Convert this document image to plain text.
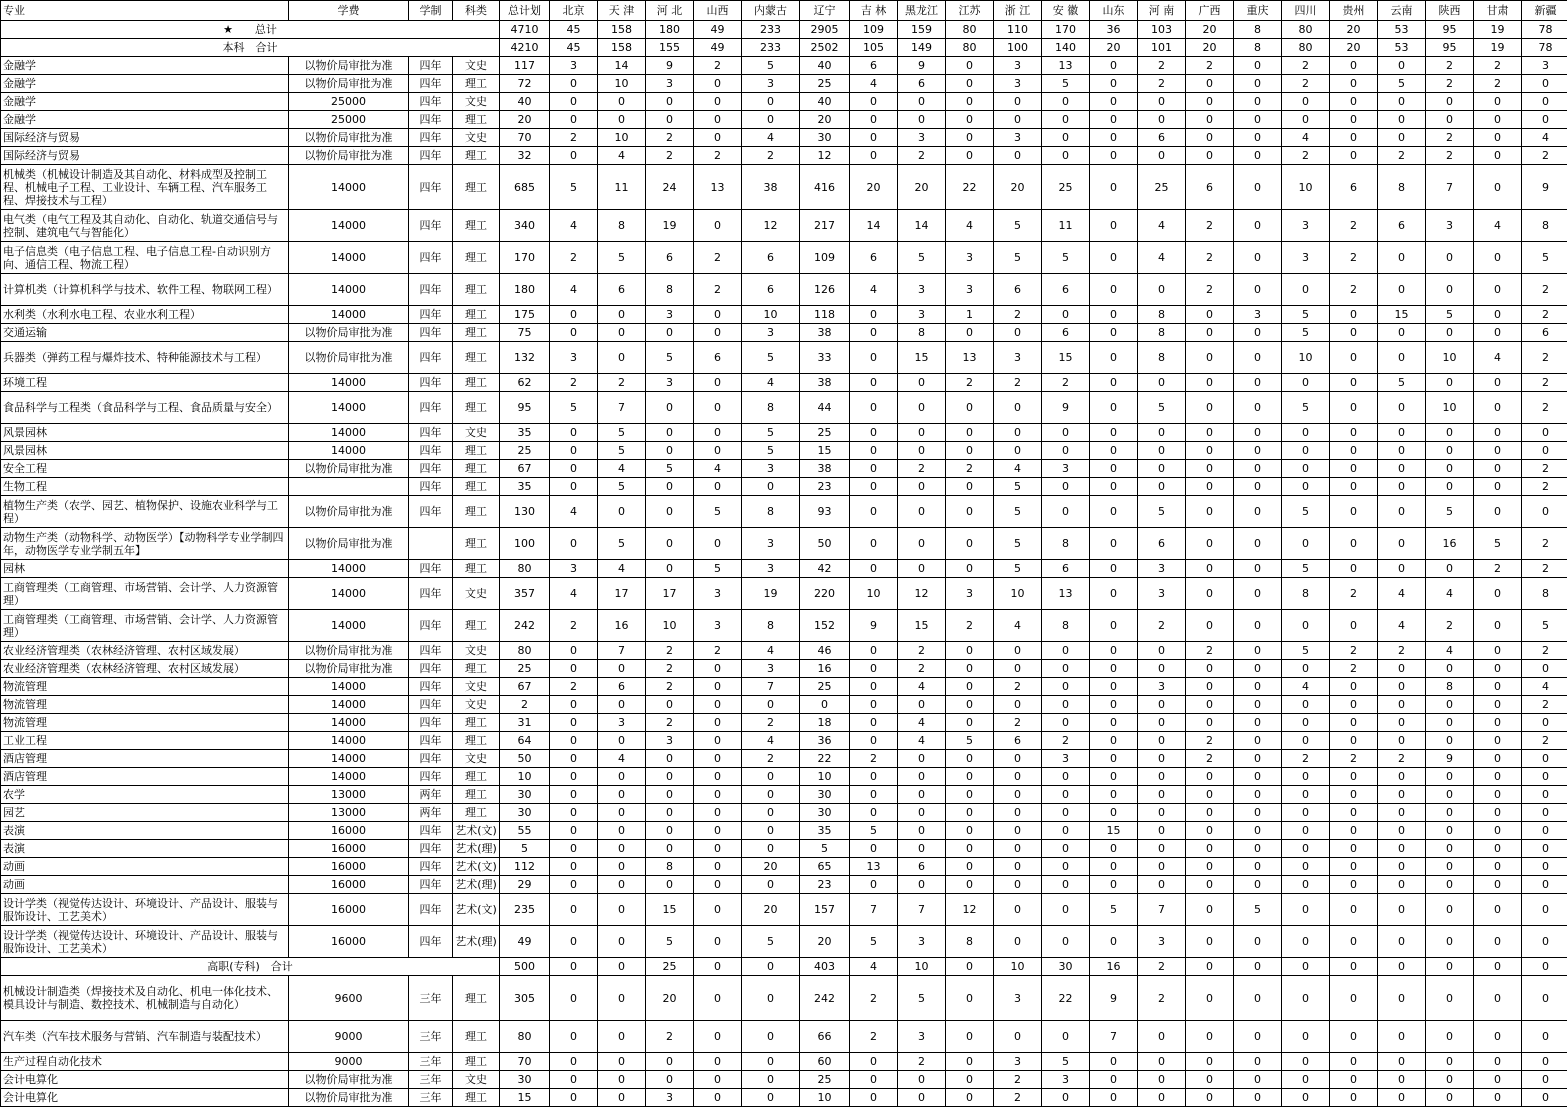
专业	学费	学制	科类	总计划	北京	天 津	河 北	山西	内蒙古	辽宁	吉 林	黑龙江	江苏	浙 江	安 徽	山东	河 南	广西	重庆	四川	贵州	云南	陕西	甘肃	新疆
★　　总计				4710	45	158	180	49	233	2905	109	159	80	110	170	36	103	20	8	80	20	53	95	19	78
本科　合计				4210	45	158	155	49	233	2502	105	149	80	100	140	20	101	20	8	80	20	53	95	19	78
金融学	以物价局审批为准	四年	文史	117	3	14	9	2	5	40	6	9	0	3	13	0	2	2	0	2	0	0	2	2	3
金融学	以物价局审批为准	四年	理工	72	0	10	3	0	3	25	4	6	0	3	5	0	2	0	0	2	0	5	2	2	0
金融学	25000	四年	文史	40	0	0	0	0	0	40	0	0	0	0	0	0	0	0	0	0	0	0	0	0	0
金融学	25000	四年	理工	20	0	0	0	0	0	20	0	0	0	0	0	0	0	0	0	0	0	0	0	0	0
国际经济与贸易	以物价局审批为准	四年	文史	70	2	10	2	0	4	30	0	3	0	3	0	0	6	0	0	4	0	0	2	0	4
国际经济与贸易	以物价局审批为准	四年	理工	32	0	4	2	2	2	12	0	2	0	0	0	0	0	0	0	2	0	2	2	0	2
机械类（机械设计制造及其自动化、材料成型及控制工程、机械电子工程、工业设计、车辆工程、汽车服务工程、焊接技术与工程）	14000	四年	理工	685	5	11	24	13	38	416	20	20	22	20	25	0	25	6	0	10	6	8	7	0	9
电气类（电气工程及其自动化、自动化、轨道交通信号与控制、建筑电气与智能化）	14000	四年	理工	340	4	8	19	0	12	217	14	14	4	5	11	0	4	2	0	3	2	6	3	4	8
电子信息类（电子信息工程、电子信息工程-自动识别方向、通信工程、物流工程）	14000	四年	理工	170	2	5	6	2	6	109	6	5	3	5	5	0	4	2	0	3	2	0	0	0	5
计算机类（计算机科学与技术、软件工程、物联网工程）	14000	四年	理工	180	4	6	8	2	6	126	4	3	3	6	6	0	0	2	0	0	2	0	0	0	2
水利类（水利水电工程、农业水利工程）	14000	四年	理工	175	0	0	3	0	10	118	0	3	1	2	0	0	8	0	3	5	0	15	5	0	2
交通运输	以物价局审批为准	四年	理工	75	0	0	0	0	3	38	0	8	0	0	6	0	8	0	0	5	0	0	0	0	6
兵器类（弹药工程与爆炸技术、特种能源技术与工程）	以物价局审批为准	四年	理工	132	3	0	5	6	5	33	0	15	13	3	15	0	8	0	0	10	0	0	10	4	2
环境工程	14000	四年	理工	62	2	2	3	0	4	38	0	0	2	2	2	0	0	0	0	0	0	5	0	0	2
食品科学与工程类（食品科学与工程、食品质量与安全）	14000	四年	理工	95	5	7	0	0	8	44	0	0	0	0	9	0	5	0	0	5	0	0	10	0	2
风景园林	14000	四年	文史	35	0	5	0	0	5	25	0	0	0	0	0	0	0	0	0	0	0	0	0	0	0
风景园林	14000	四年	理工	25	0	5	0	0	5	15	0	0	0	0	0	0	0	0	0	0	0	0	0	0	0
安全工程	以物价局审批为准	四年	理工	67	0	4	5	4	3	38	0	2	2	4	3	0	0	0	0	0	0	0	0	0	2
生物工程		四年	理工	35	0	5	0	0	0	23	0	0	0	5	0	0	0	0	0	0	0	0	0	0	2
植物生产类（农学、园艺、植物保护、设施农业科学与工程）	以物价局审批为准	四年	理工	130	4	0	0	5	8	93	0	0	0	5	0	0	5	0	0	5	0	0	5	0	0
动物生产类（动物科学、动物医学）【动物科学专业学制四年，动物医学专业学制五年】	以物价局审批为准		理工	100	0	5	0	0	3	50	0	0	0	5	8	0	6	0	0	0	0	0	16	5	2
园林	14000	四年	理工	80	3	4	0	5	3	42	0	0	0	5	6	0	3	0	0	5	0	0	0	2	2
工商管理类（工商管理、市场营销、会计学、人力资源管理）	14000	四年	文史	357	4	17	17	3	19	220	10	12	3	10	13	0	3	0	0	8	2	4	4	0	8
工商管理类（工商管理、市场营销、会计学、人力资源管理）	14000	四年	理工	242	2	16	10	3	8	152	9	15	2	4	8	0	2	0	0	0	0	4	2	0	5
农业经济管理类（农林经济管理、农村区域发展）	以物价局审批为准	四年	文史	80	0	7	2	2	4	46	0	2	0	0	0	0	0	2	0	5	2	2	4	0	2
农业经济管理类（农林经济管理、农村区域发展）	以物价局审批为准	四年	理工	25	0	0	2	0	3	16	0	2	0	0	0	0	0	0	0	0	2	0	0	0	0
物流管理	14000	四年	文史	67	2	6	2	0	7	25	0	4	0	2	0	0	3	0	0	4	0	0	8	0	4
物流管理	14000	四年	文史	2	0	0	0	0	0	0	0	0	0	0	0	0	0	0	0	0	0	0	0	0	2
物流管理	14000	四年	理工	31	0	3	2	0	2	18	0	4	0	2	0	0	0	0	0	0	0	0	0	0	0
工业工程	14000	四年	理工	64	0	0	3	0	4	36	0	4	5	6	2	0	0	2	0	0	0	0	0	0	2
酒店管理	14000	四年	文史	50	0	4	0	0	2	22	2	0	0	0	3	0	0	2	0	2	2	2	9	0	0
酒店管理	14000	四年	理工	10	0	0	0	0	0	10	0	0	0	0	0	0	0	0	0	0	0	0	0	0	0
农学	13000	两年	理工	30	0	0	0	0	0	30	0	0	0	0	0	0	0	0	0	0	0	0	0	0	0
园艺	13000	两年	理工	30	0	0	0	0	0	30	0	0	0	0	0	0	0	0	0	0	0	0	0	0	0
表演	16000	四年	艺术(文)	55	0	0	0	0	0	35	5	0	0	0	0	15	0	0	0	0	0	0	0	0	0
表演	16000	四年	艺术(理)	5	0	0	0	0	0	5	0	0	0	0	0	0	0	0	0	0	0	0	0	0	0
动画	16000	四年	艺术(文)	112	0	0	8	0	20	65	13	6	0	0	0	0	0	0	0	0	0	0	0	0	0
动画	16000	四年	艺术(理)	29	0	0	0	0	0	23	0	0	0	0	0	0	0	0	0	0	0	0	0	0	0
设计学类（视觉传达设计、环境设计、产品设计、服装与服饰设计、工艺美术）	16000	四年	艺术(文)	235	0	0	15	0	20	157	7	7	12	0	0	5	7	0	5	0	0	0	0	0	0
设计学类（视觉传达设计、环境设计、产品设计、服装与服饰设计、工艺美术）	16000	四年	艺术(理)	49	0	0	5	0	5	20	5	3	8	0	0	0	3	0	0	0	0	0	0	0	0
高职(专科)　合计				500	0	0	25	0	0	403	4	10	0	10	30	16	2	0	0	0	0	0	0	0	0
机械设计制造类（焊接技术及自动化、机电一体化技术、模具设计与制造、数控技术、机械制造与自动化）	9600	三年	理工	305	0	0	20	0	0	242	2	5	0	3	22	9	2	0	0	0	0	0	0	0	0
汽车类（汽车技术服务与营销、汽车制造与装配技术）	9000	三年	理工	80	0	0	2	0	0	66	2	3	0	0	0	7	0	0	0	0	0	0	0	0	0
生产过程自动化技术	9000	三年	理工	70	0	0	0	0	0	60	0	2	0	3	5	0	0	0	0	0	0	0	0	0	0
会计电算化	以物价局审批为准	三年	文史	30	0	0	0	0	0	25	0	0	0	2	3	0	0	0	0	0	0	0	0	0	0
会计电算化	以物价局审批为准	三年	理工	15	0	0	3	0	0	10	0	0	0	2	0	0	0	0	0	0	0	0	0	0	0
